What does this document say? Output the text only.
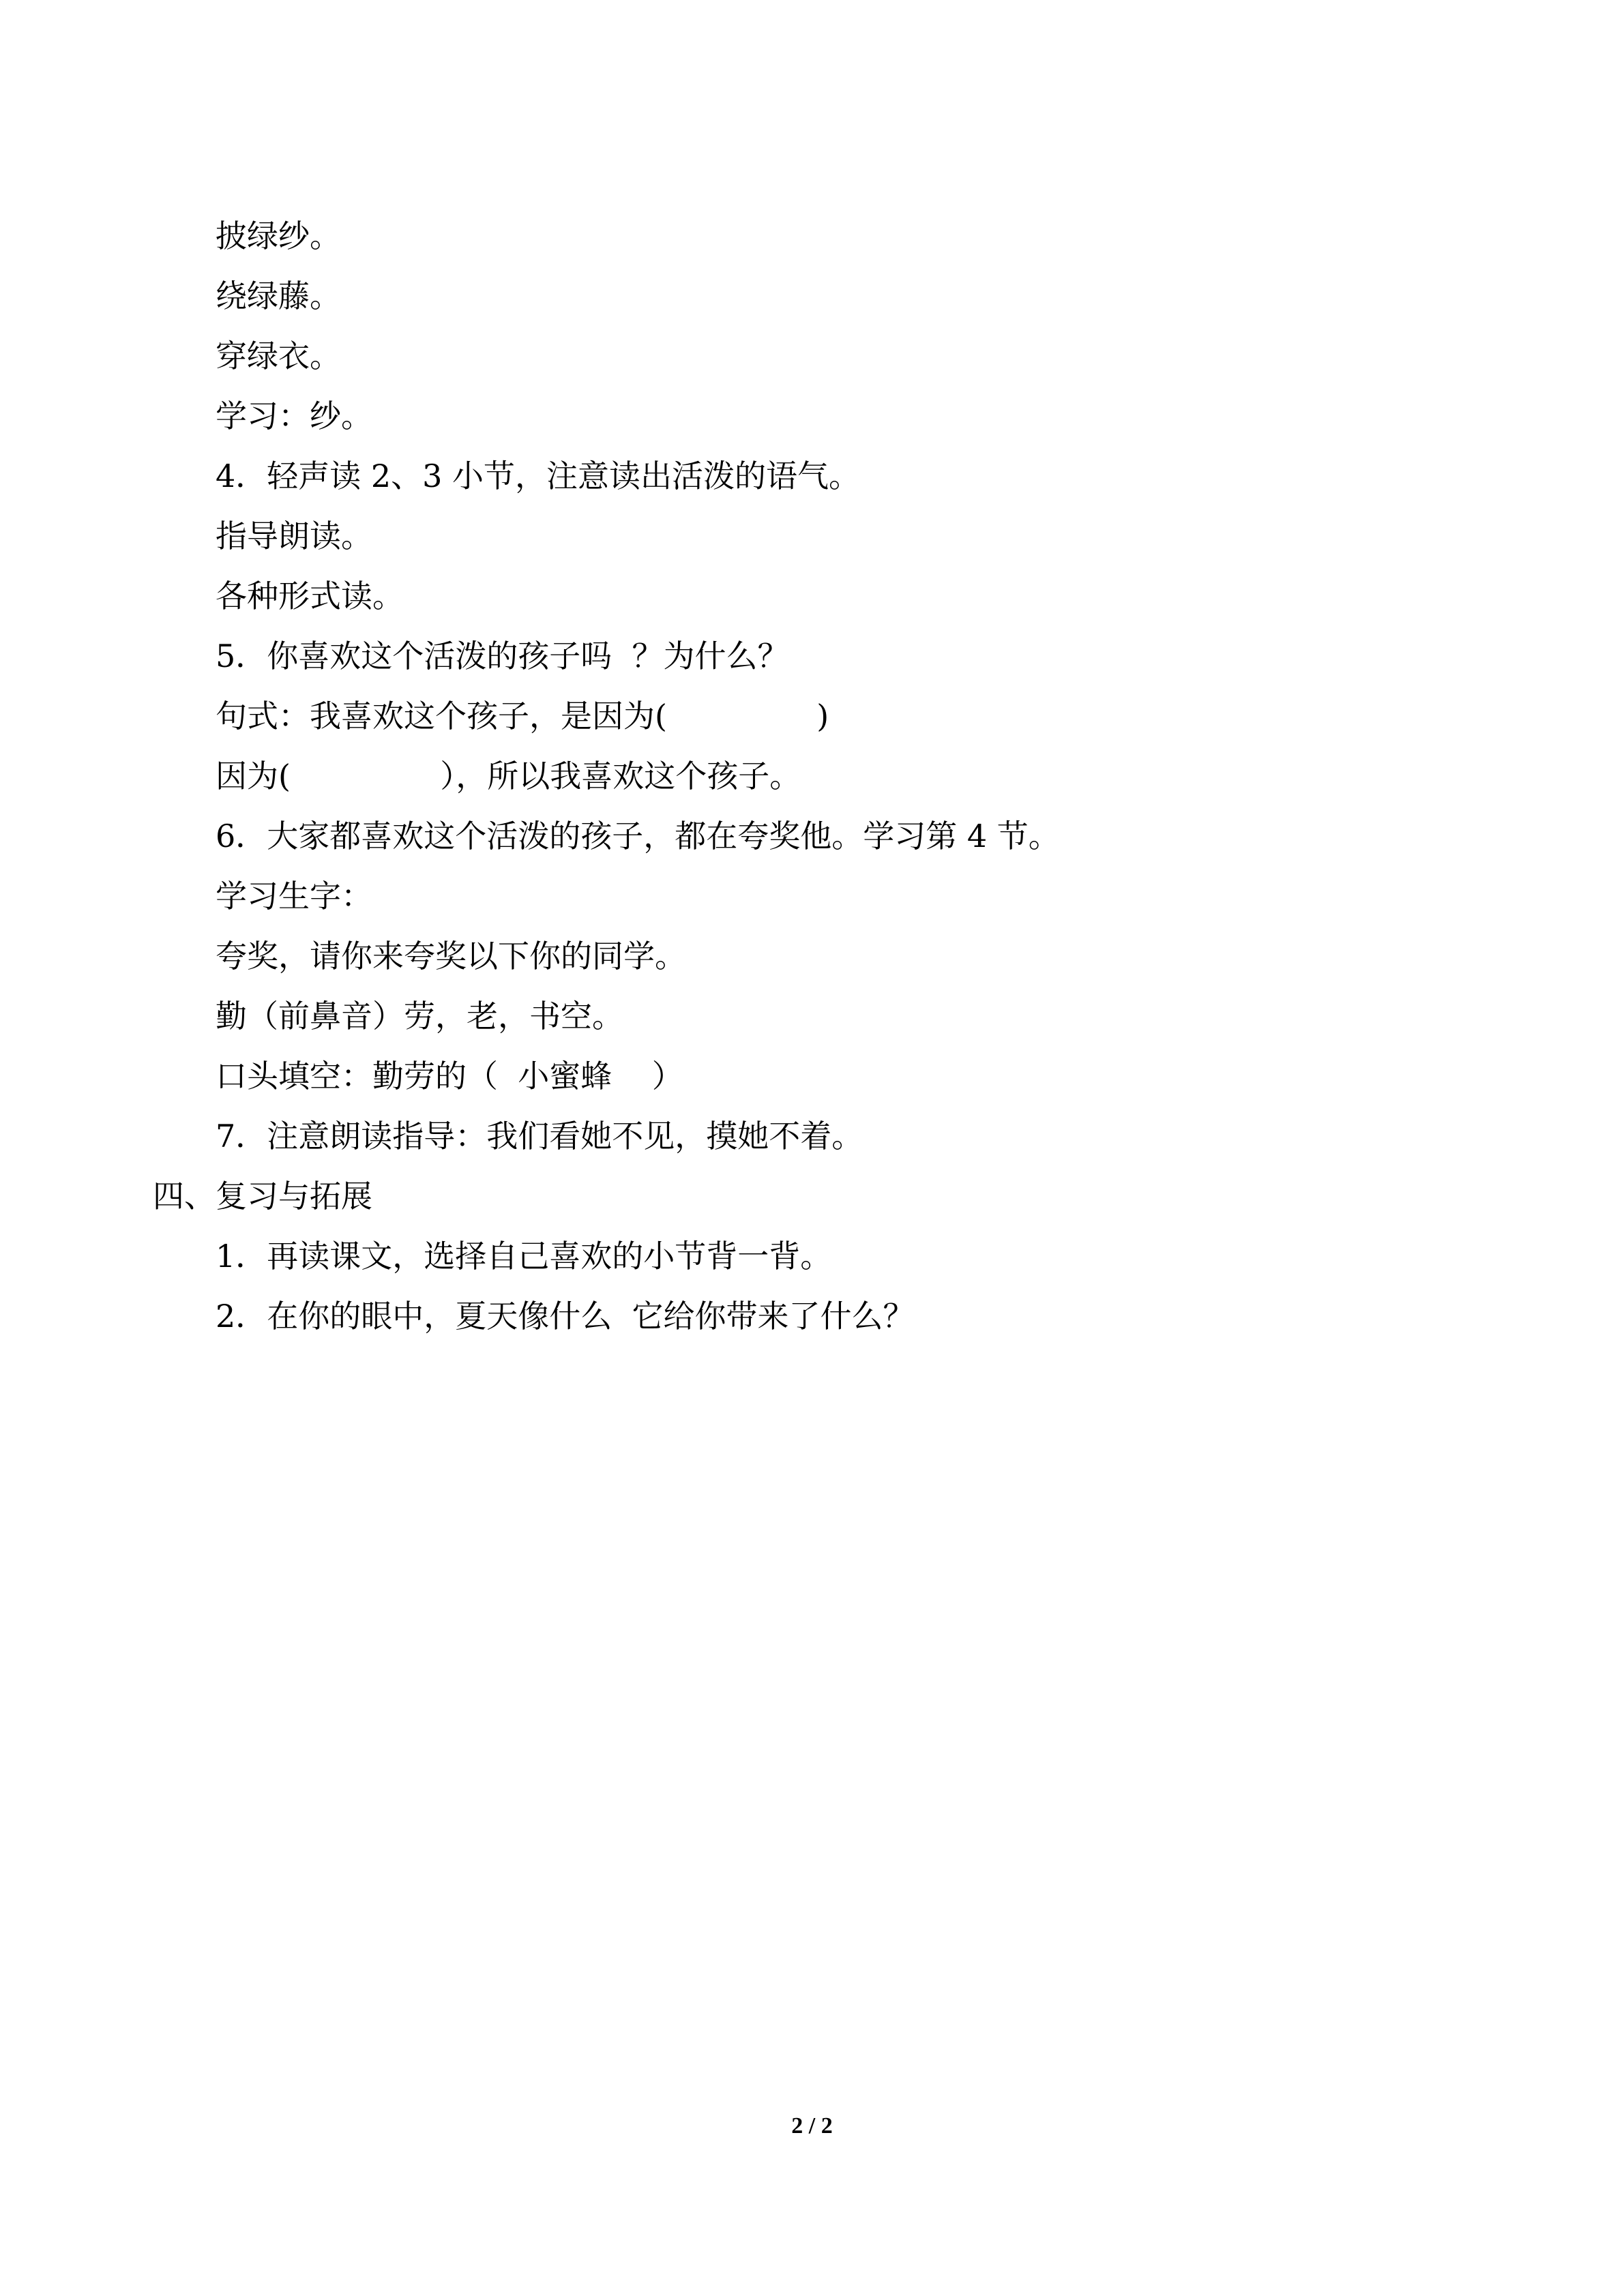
披绿纱。
绕绿藤。
穿绿衣。
学习：纱。
4．轻声读 2、3 小节，注意读出活泼的语气。
指导朗读。
各种形式读。
5．你喜欢这个活泼的孩子吗  ？为什么？
句式：我喜欢这个孩子，是因为(               )
因为(               ），所以我喜欢这个孩子。
6．大家都喜欢这个活泼的孩子，都在夸奖他。学习第 4 节。
学习生字：
夸奖，请你来夸奖以下你的同学。
勤（前鼻音）劳，老，书空。
口头填空：勤劳的（  小蜜蜂    ）
7．注意朗读指导：我们看她不见，摸她不着。
四、复习与拓展
1．再读课文，选择自己喜欢的小节背一背。
2．在你的眼中，夏天像什么  它给你带来了什么？
2 / 2
